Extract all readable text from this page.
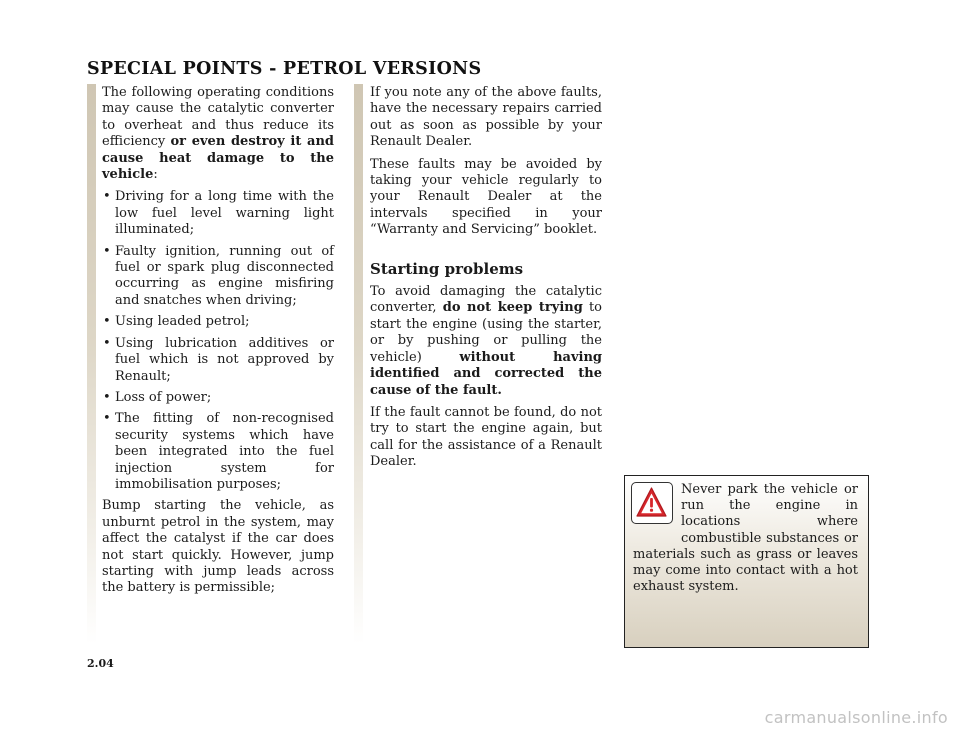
SPECIAL POINTS - PETROL VERSIONS

The following operating conditions may cause the catalytic converter to overheat and thus reduce its efficiency or even destroy it and cause heat damage to the vehicle:

• Driving for a long time with the low fuel level warning light illuminated;
• Faulty ignition, running out of fuel or spark plug disconnected occurring as engine misfiring and snatches when driving;
• Using leaded petrol;
• Using lubrication additives or fuel which is not approved by Renault;
• Loss of power;
• The fitting of non-recognised security systems which have been integrated into the fuel injection system for immobilisation purposes;

Bump starting the vehicle, as unburnt petrol in the system, may affect the catalyst if the car does not start quickly. However, jump starting with jump leads across the battery is permissible;

If you note any of the above faults, have the necessary repairs carried out as soon as possible by your Renault Dealer.

These faults may be avoided by taking your vehicle regularly to your Renault Dealer at the intervals specified in your “Warranty and Servicing” booklet.

Starting problems

To avoid damaging the catalytic converter, do not keep trying to start the engine (using the starter, or by pushing or pulling the vehicle) without having identified and corrected the cause of the fault.

If the fault cannot be found, do not try to start the engine again, but call for the assistance of a Renault Dealer.

Never park the vehicle or run the engine in locations where combustible substances or materials such as grass or leaves may come into contact with a hot exhaust system.
2.04
carmanualsonline.info
